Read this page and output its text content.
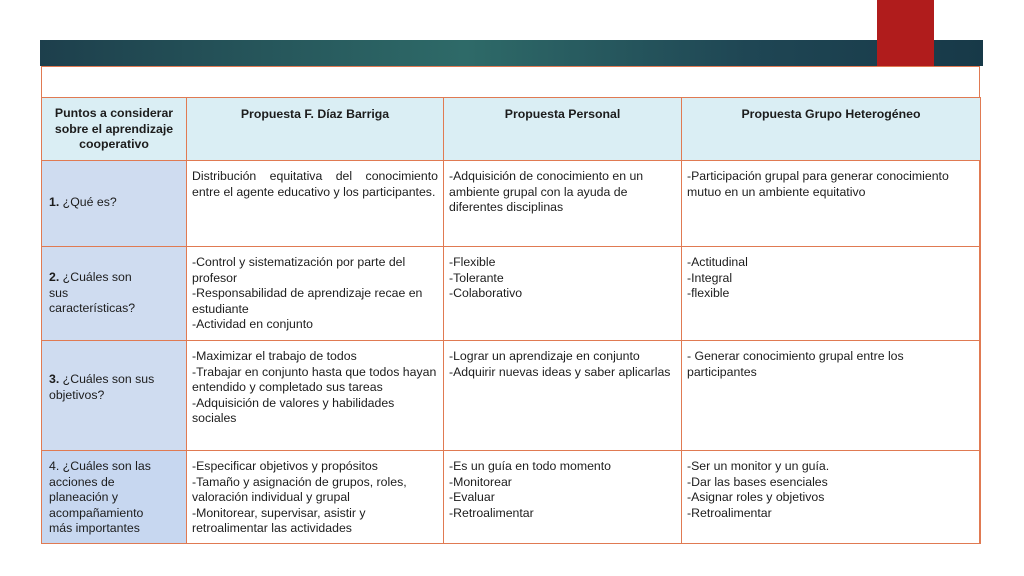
Puntos a considerar
sobre el aprendizaje
cooperativo	Propuesta F. Díaz Barriga	Propuesta Personal	Propuesta Grupo Heterogéneo
1. ¿Qué es?	Distribución equitativa del conocimiento entre el agente educativo y los participantes.	-Adquisición de conocimiento en un ambiente grupal con la ayuda de diferentes disciplinas	-Participación grupal para generar conocimiento mutuo en un ambiente equitativo

2. ¿Cuáles son
sus
características?	-Control y sistematización por parte del profesor
-Responsabilidad de aprendizaje recae en estudiante
-Actividad en conjunto	-Flexible
-Tolerante
-Colaborativo	-Actitudinal
-Integral
-flexible

3. ¿Cuáles son sus objetivos?	-Maximizar el trabajo de todos
-Trabajar en conjunto hasta que todos hayan entendido y completado sus tareas
-Adquisición de valores y habilidades sociales	-Lograr un aprendizaje en conjunto
-Adquirir nuevas ideas y saber aplicarlas	- Generar conocimiento grupal entre los participantes

4. ¿Cuáles son las
acciones de
planeación y
acompañamiento
más importantes	-Especificar objetivos y propósitos
-Tamaño y asignación de grupos, roles, valoración individual y grupal
-Monitorear, supervisar, asistir y retroalimentar las actividades	-Es un guía en todo momento
-Monitorear
-Evaluar
-Retroalimentar	-Ser un monitor y un guía.
-Dar las bases esenciales
-Asignar roles y objetivos
-Retroalimentar
